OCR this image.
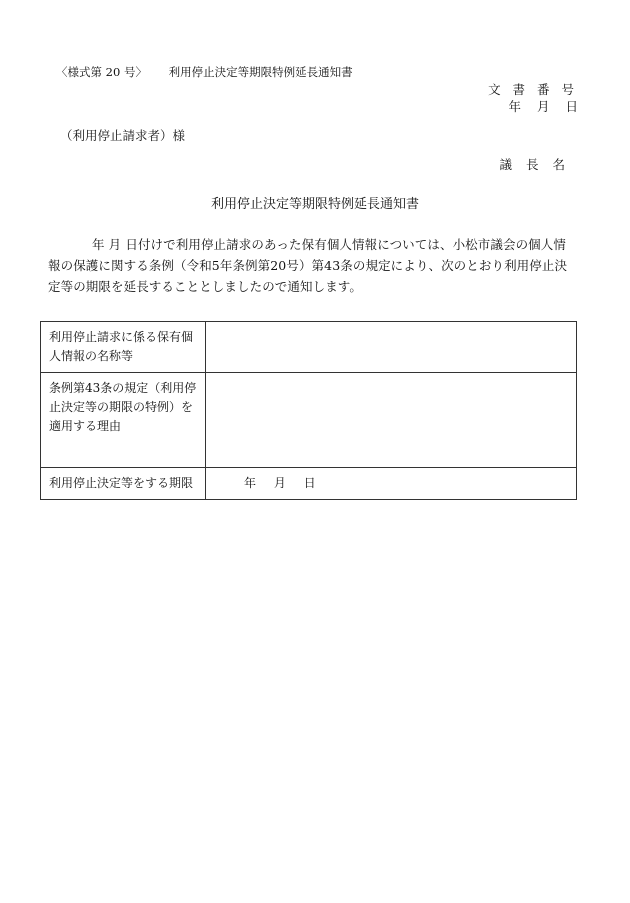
〈様式第 20 号〉 利用停止決定等期限特例延長通知書
文 書 番 号
年 月 日
（利用停止請求者）様
議 長 名
利用停止決定等期限特例延長通知書
年 月 日付けで利用停止請求のあった保有個人情報については、小松市議会の個人情報の保護に関する条例（令和5年条例第20号）第43条の規定により、次のとおり利用停止決定等の期限を延長することとしましたので通知します。
利用停止請求に係る保有個人情報の名称等	
条例第43条の規定（利用停止決定等の期限の特例）を適用する理由	
利用停止決定等をする期限	年 月 日
